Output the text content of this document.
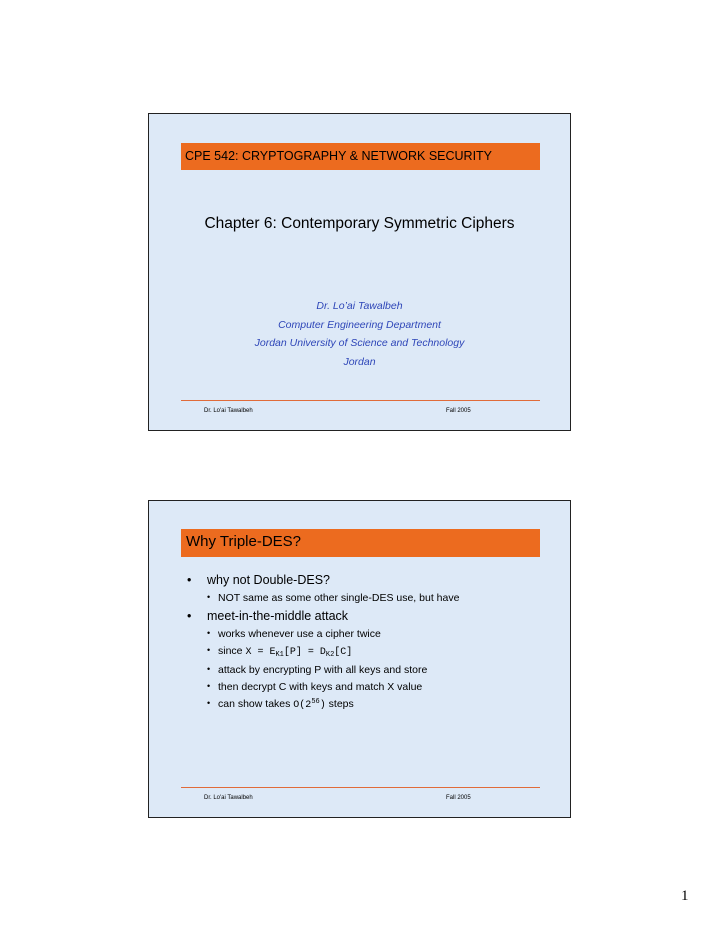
CPE 542: CRYPTOGRAPHY & NETWORK SECURITY
Chapter 6: Contemporary Symmetric Ciphers
Dr. Lo’ai Tawalbeh
Computer Engineering Department
Jordan University of Science and Technology
Jordan
Dr. Lo'ai Tawalbeh	Fall 2005
Why Triple-DES?
• why not Double-DES?
• NOT same as some other single-DES use, but have
• meet-in-the-middle attack
• works whenever use a cipher twice
• since $X = E_{K1}[P] = D_{K2}[C]$
• attack by encrypting P with all keys and store
• then decrypt C with keys and match X value
• can show takes $O(2^{56})$ steps
Dr. Lo'ai Tawalbeh	Fall 2005
1
